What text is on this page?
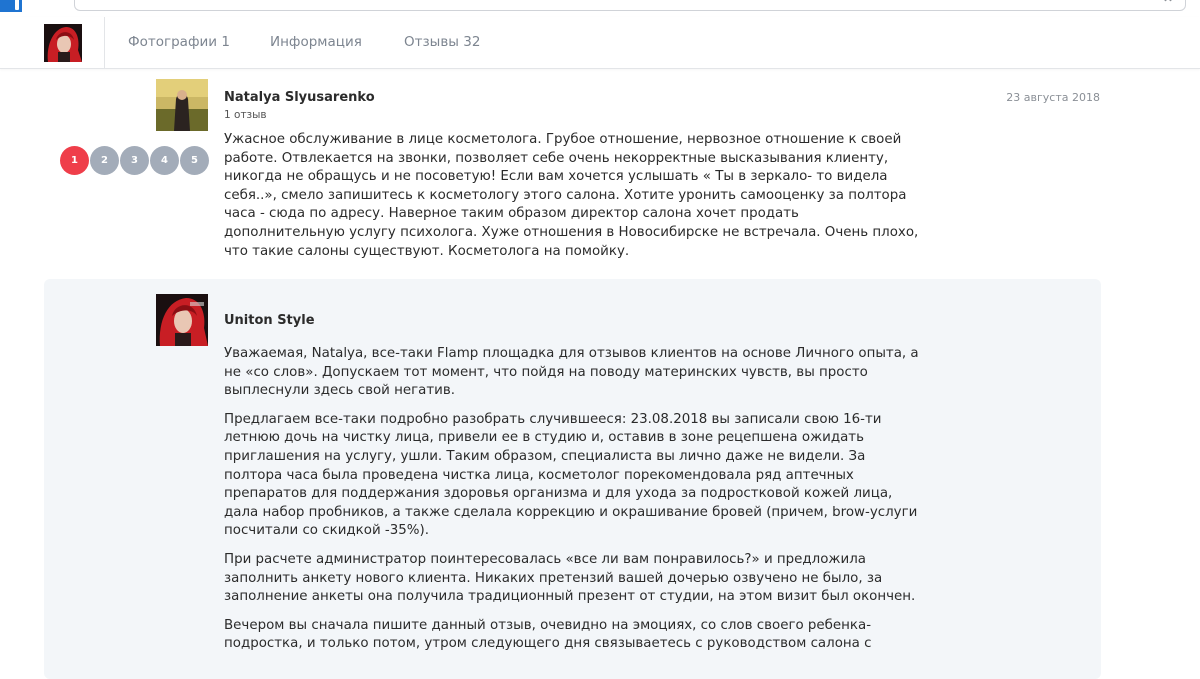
Фотографии 1	Информация	Отзывы 32
Natalya Slyusarenko
1 отзыв
23 августа 2018
1	2	3	4	5
Ужасное обслуживание в лице косметолога. Грубое отношение, нервозное отношение к своей работе. Отвлекается на звонки, позволяет себе очень некорректные высказывания клиенту, никогда не обращусь и не посоветую! Если вам хочется услышать « Ты в зеркало- то видела себя..», смело запишитесь к косметологу этого салона. Хотите уронить самооценку за полтора часа - сюда по адресу. Наверное таким образом директор салона хочет продать дополнительную услугу психолога. Хуже отношения в Новосибирске не встречала. Очень плохо, что такие салоны существуют. Косметолога на помойку.
Uniton Style

Уважаемая, Natalya, все-таки Flamp площадка для отзывов клиентов на основе Личного опыта, а не «со слов». Допускаем тот момент, что пойдя на поводу материнских чувств, вы просто выплеснули здесь свой негатив.

Предлагаем все-таки подробно разобрать случившееся: 23.08.2018 вы записали свою 16-ти летнюю дочь на чистку лица, привели ее в студию и, оставив в зоне рецепшена ожидать приглашения на услугу, ушли. Таким образом, специалиста вы лично даже не видели. За полтора часа была проведена чистка лица, косметолог порекомендовала ряд аптечных препаратов для поддержания здоровья организма и для ухода за подростковой кожей лица, дала набор пробников, а также сделала коррекцию и окрашивание бровей (причем, brow-услуги посчитали со скидкой -35%).

При расчете администратор поинтересовалась «все ли вам понравилось?» и предложила заполнить анкету нового клиента. Никаких претензий вашей дочерью озвучено не было, за заполнение анкеты она получила традиционный презент от студии, на этом визит был окончен.

Вечером вы сначала пишите данный отзыв, очевидно на эмоциях, со слов своего ребенка-подростка, и только потом, утром следующего дня связываетесь с руководством салона с
